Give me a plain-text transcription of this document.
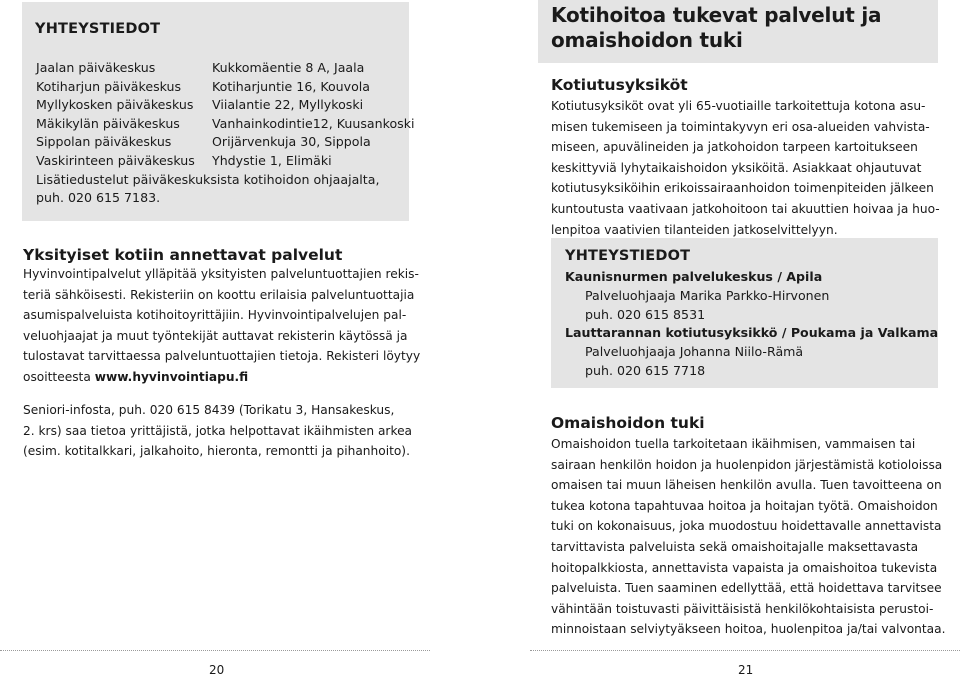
YHTEYSTIEDOT
Jaalan päiväkeskus	Kukkomäentie 8 A, Jaala
Kotiharjun päiväkeskus Kotiharjuntie 16, Kouvola
Myllykosken päiväkeskus Viialantie 22, Myllykoski
Mäkikylän päiväkeskus	Vanhainkodintie12, Kuusankoski
Sippolan päiväkeskus	Orijärvenkuja 30, Sippola
Vaskirinteen päiväkeskus Yhdystie 1, Elimäki
Lisätiedustelut päiväkeskuksista kotihoidon ohjaajalta,
puh. 020 615 7183.
Yksityiset kotiin annettavat palvelut
Hyvinvointipalvelut ylläpitää yksityisten palveluntuottajien rekis-
teriä sähköisesti. Rekisteriin on koottu erilaisia palveluntuottajia
asumispalveluista kotihoitoyrittäjiin. Hyvinvointipalvelujen pal-
veluohjaajat ja muut työntekijät auttavat rekisterin käytössä ja
tulostavat tarvittaessa palveluntuottajien tietoja. Rekisteri löytyy
osoitteesta www.hyvinvointiapu.fi
Seniori-infosta, puh. 020 615 8439 (Torikatu 3, Hansakeskus,
2. krs) saa tietoa yrittäjistä, jotka helpottavat ikäihmisten arkea
(esim. kotitalkkari, jalkahoito, hieronta, remontti ja pihanhoito).
Kotihoitoa tukevat palvelut ja
omaishoidon tuki
Kotiutusyksiköt
Kotiutusyksiköt ovat yli 65-vuotiaille tarkoitettuja kotona asu-
misen tukemiseen ja toimintakyvyn eri osa-alueiden vahvista-
miseen, apuvälineiden ja jatkohoidon tarpeen kartoitukseen
keskittyviä lyhytaikaishoidon yksiköitä. Asiakkaat ohjautuvat
kotiutusyksiköihin erikoissairaanhoidon toimenpiteiden jälkeen
kuntoutusta vaativaan jatkohoitoon tai akuuttien hoivaa ja huo-
lenpitoa vaativien tilanteiden jatkoselvittelyyn.
YHTEYSTIEDOT
Kaunisnurmen palvelukeskus / Apila
Palveluohjaaja Marika Parkko-Hirvonen
puh. 020 615 8531
Lauttarannan kotiutusyksikkö / Poukama ja Valkama
Palveluohjaaja Johanna Niilo-Rämä
puh. 020 615 7718
Omaishoidon tuki
Omaishoidon tuella tarkoitetaan ikäihmisen, vammaisen tai
sairaan henkilön hoidon ja huolenpidon järjestämistä kotioloissa
omaisen tai muun läheisen henkilön avulla. Tuen tavoitteena on
tukea kotona tapahtuvaa hoitoa ja hoitajan työtä. Omaishoidon
tuki on kokonaisuus, joka muodostuu hoidettavalle annettavista
tarvittavista palveluista sekä omaishoitajalle maksettavasta
hoitopalkkiosta, annettavista vapaista ja omaishoitoa tukevista
palveluista. Tuen saaminen edellyttää, että hoidettava tarvitsee
vähintään toistuvasti päivittäisistä henkilökohtaisista perustoi-
minnoistaan selviytyäkseen hoitoa, huolenpitoa ja/tai valvontaa.
20	21
